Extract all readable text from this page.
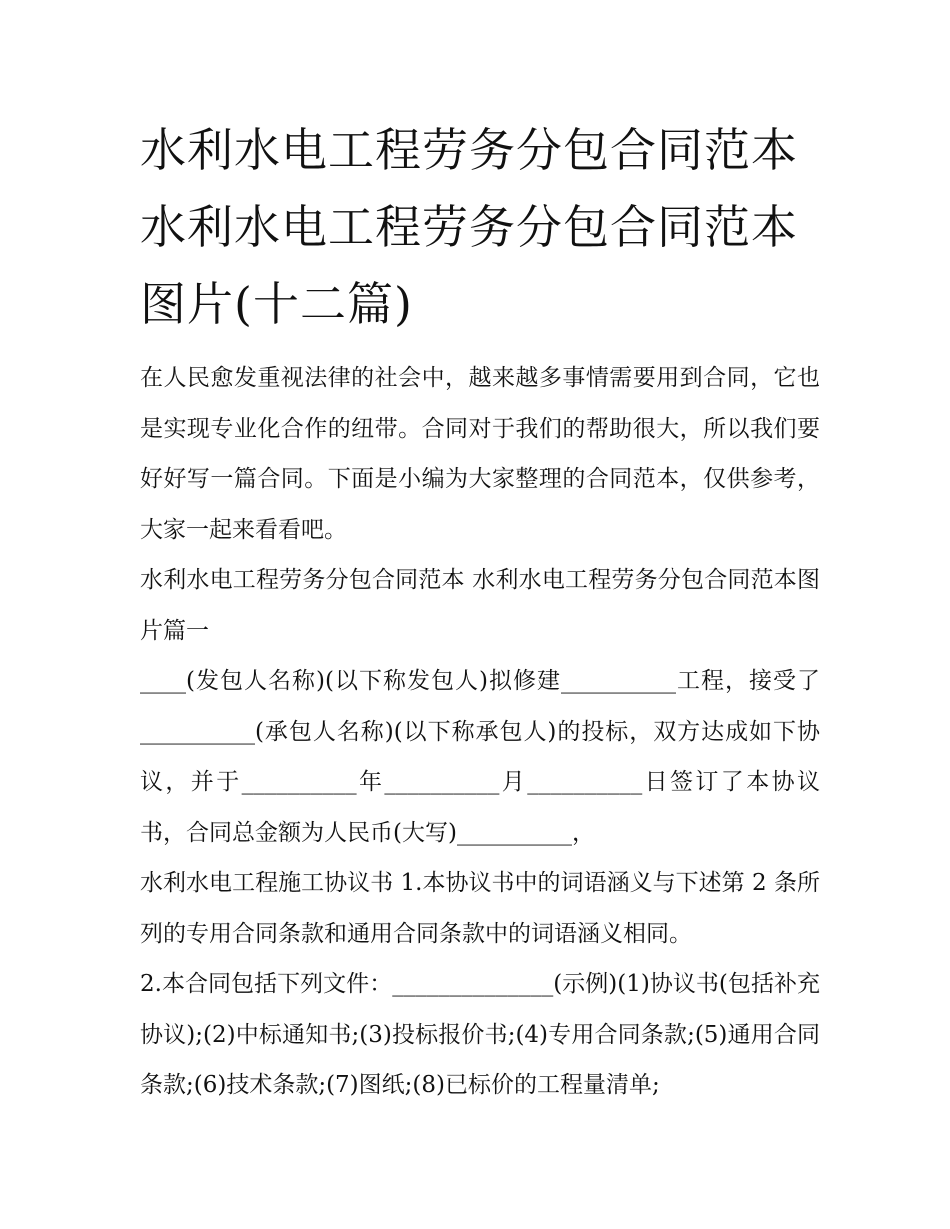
水利水电工程劳务分包合同范本 水利水电工程劳务分包合同范本图片(十二篇)

在人民愈发重视法律的社会中，越来越多事情需要用到合同，它也是实现专业化合作的纽带。合同对于我们的帮助很大，所以我们要好好写一篇合同。下面是小编为大家整理的合同范本，仅供参考，大家一起来看看吧。

水利水电工程劳务分包合同范本 水利水电工程劳务分包合同范本图片篇一

____(发包人名称)(以下称发包人)拟修建__________工程，接受了__________(承包人名称)(以下称承包人)的投标，双方达成如下协议，并于__________年__________月__________日签订了本协议书，合同总金额为人民币(大写)__________，

水利水电工程施工协议书 1.本协议书中的词语涵义与下述第 2 条所列的专用合同条款和通用合同条款中的词语涵义相同。

2.本合同包括下列文件：______________(示例)(1)协议书(包括补充协议);(2)中标通知书;(3)投标报价书;(4)专用合同条款;(5)通用合同条款;(6)技术条款;(7)图纸;(8)已标价的工程量清单;
